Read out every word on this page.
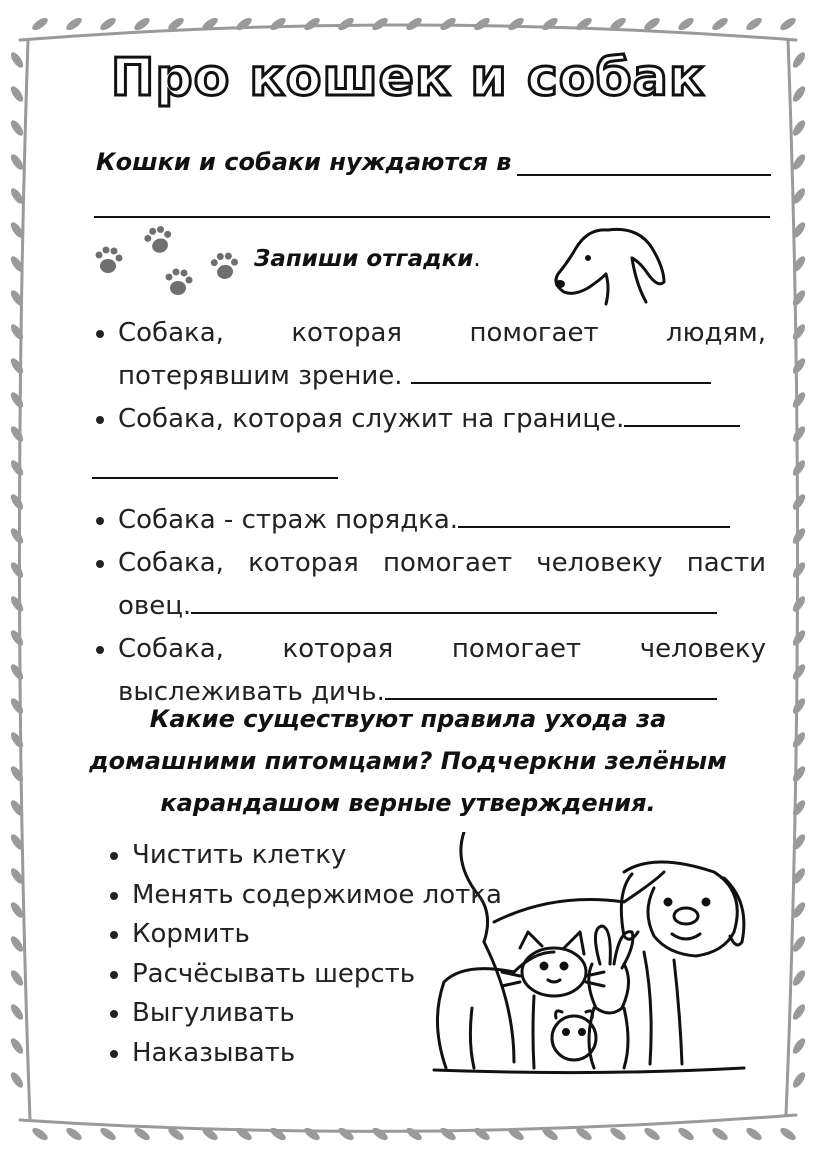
Про кошек и собак
Кошки и собаки нуждаются в
Запиши отгадки.
• Собака, которая помогает людям, потерявшим зрение.
• Собака, которая служит на границе.

• Собака - страж порядка.
• Собака, которая помогает человеку пасти овец.
• Собака, которая помогает человеку выслеживать дичь.
Какие существуют правила ухода за
домашними питомцами? Подчеркни зелёным
карандашом верные утверждения.
• Чистить клетку
• Менять содержимое лотка
• Кормить
• Расчёсывать шерсть
• Выгуливать
• Наказывать
